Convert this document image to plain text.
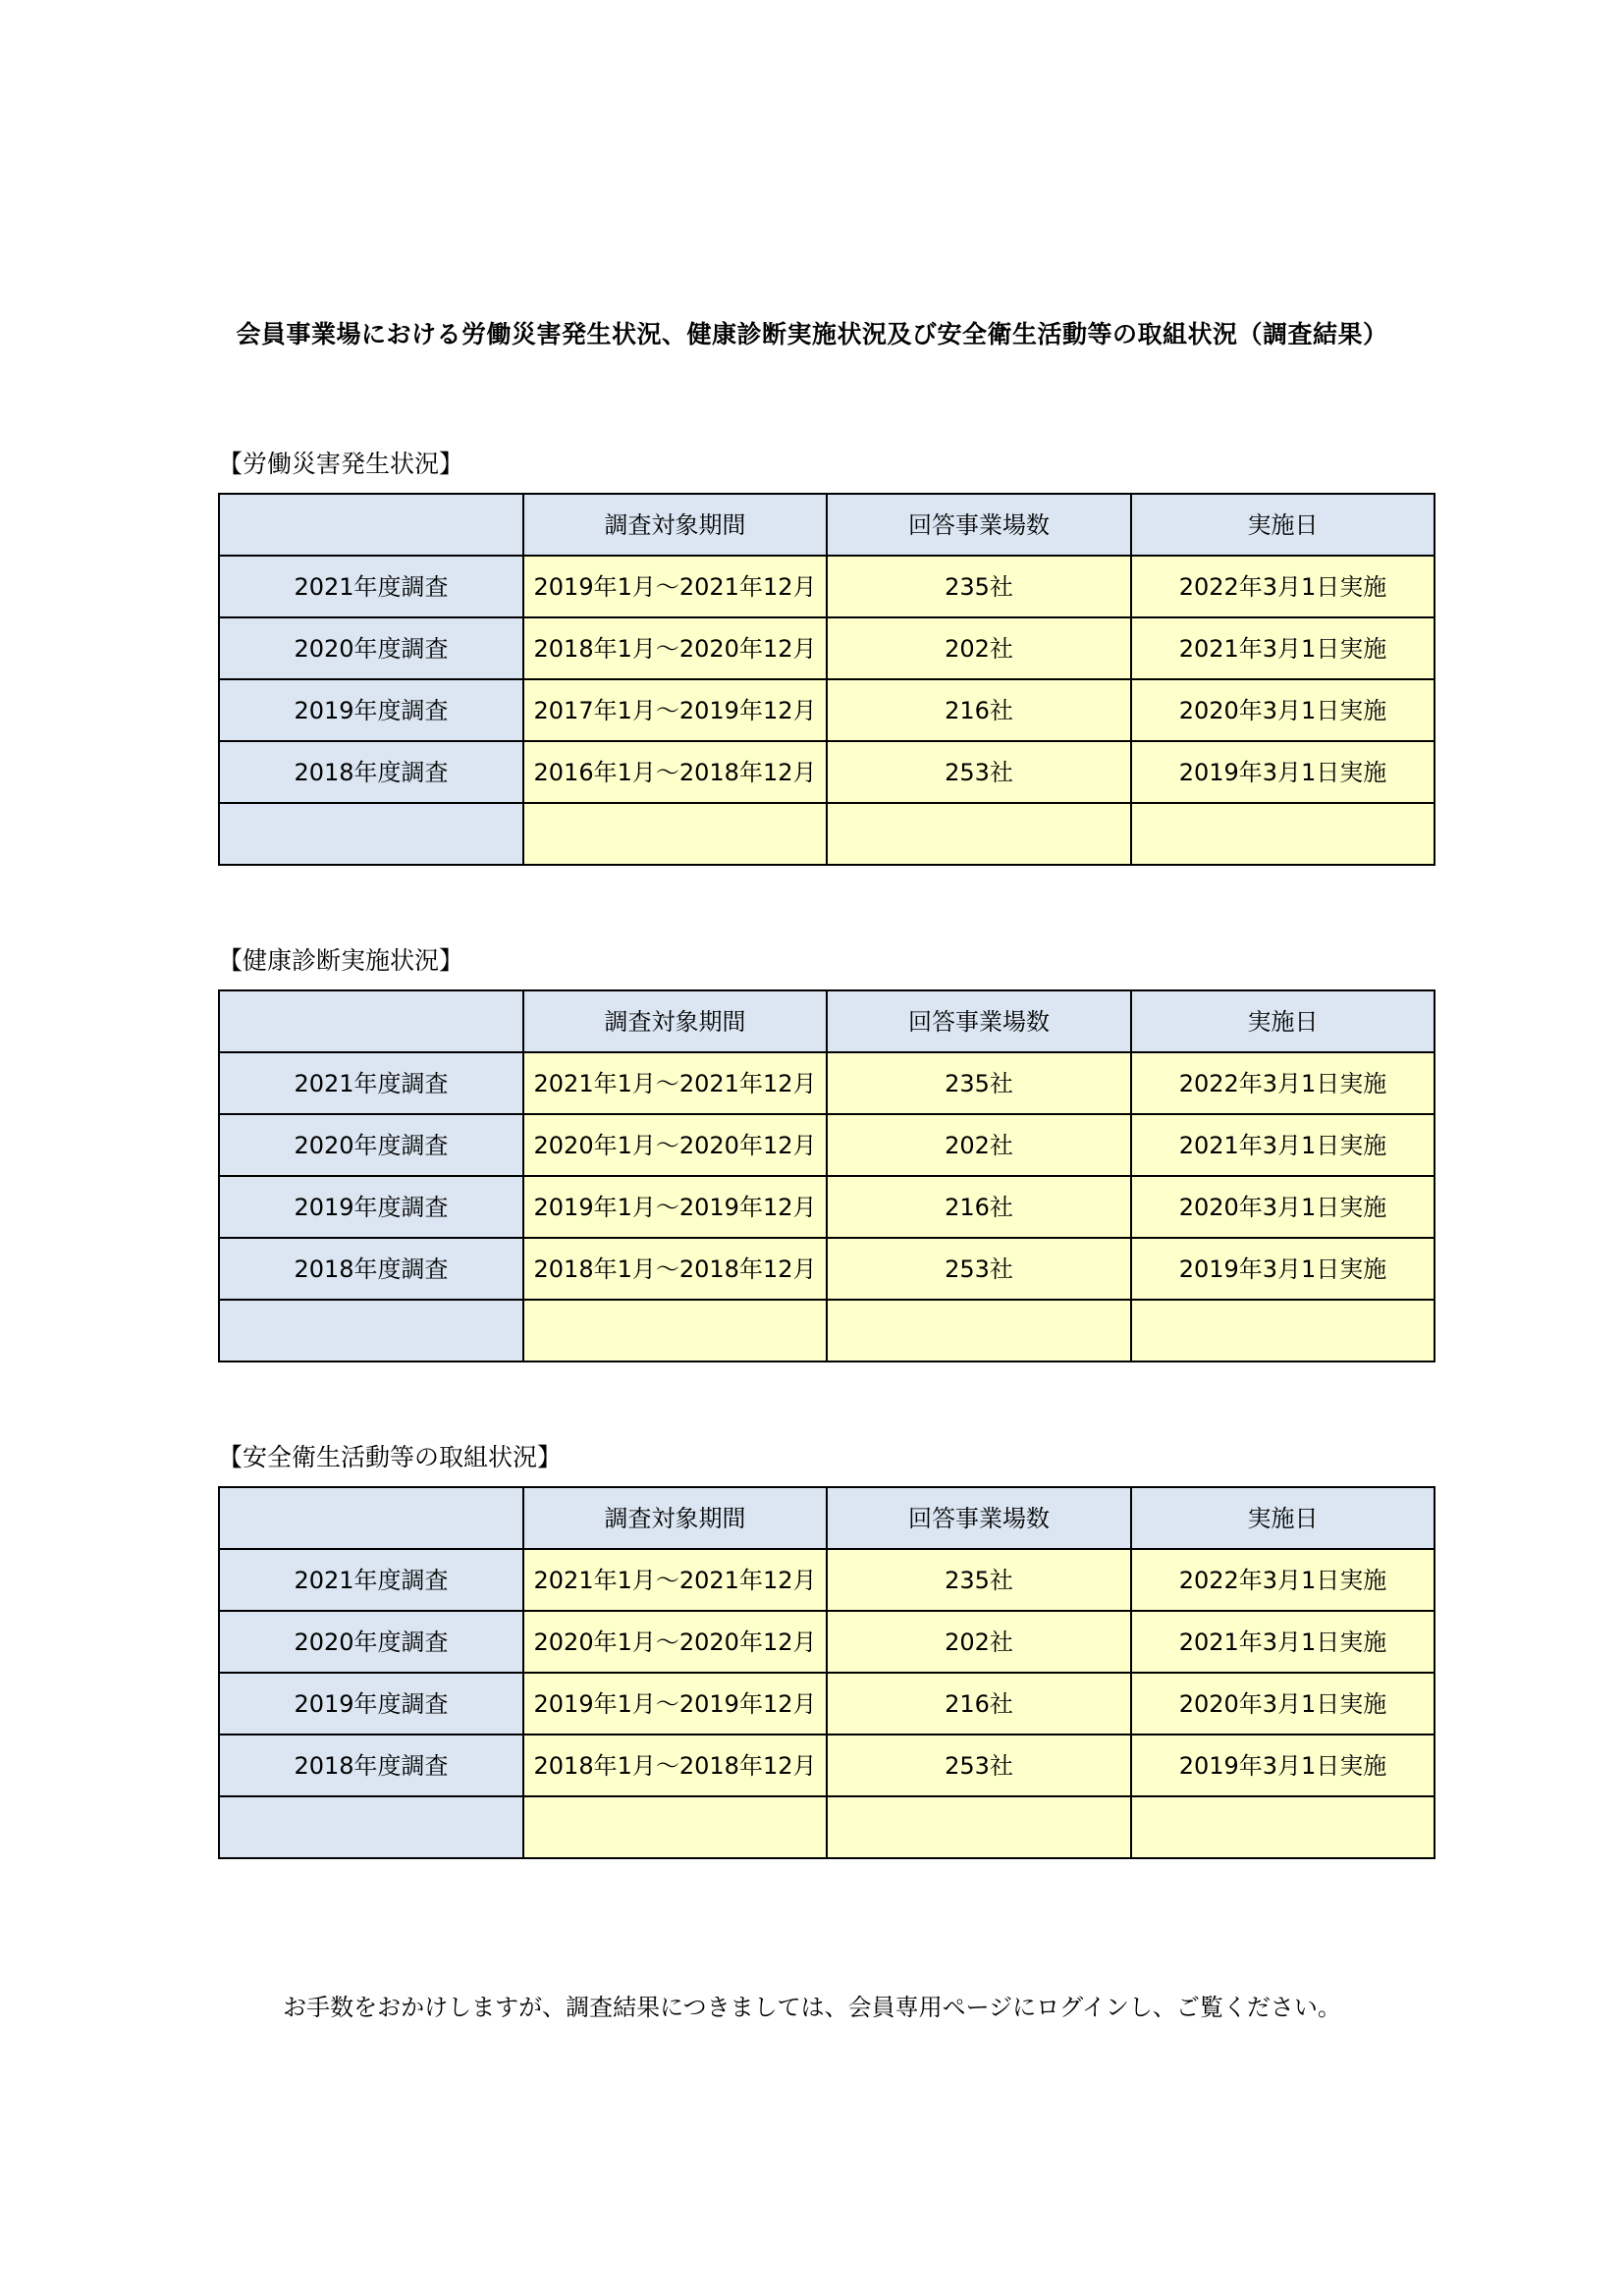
会員事業場における労働災害発生状況、健康診断実施状況及び安全衛生活動等の取組状況（調査結果）
【労働災害発生状況】
	調査対象期間	回答事業場数	実施日
2021年度調査	2019年1月～2021年12月	235社	2022年3月1日実施
2020年度調査	2018年1月～2020年12月	202社	2021年3月1日実施
2019年度調査	2017年1月～2019年12月	216社	2020年3月1日実施
2018年度調査	2016年1月～2018年12月	253社	2019年3月1日実施

【健康診断実施状況】
	調査対象期間	回答事業場数	実施日
2021年度調査	2021年1月～2021年12月	235社	2022年3月1日実施
2020年度調査	2020年1月～2020年12月	202社	2021年3月1日実施
2019年度調査	2019年1月～2019年12月	216社	2020年3月1日実施
2018年度調査	2018年1月～2018年12月	253社	2019年3月1日実施

【安全衛生活動等の取組状況】
	調査対象期間	回答事業場数	実施日
2021年度調査	2021年1月～2021年12月	235社	2022年3月1日実施
2020年度調査	2020年1月～2020年12月	202社	2021年3月1日実施
2019年度調査	2019年1月～2019年12月	216社	2020年3月1日実施
2018年度調査	2018年1月～2018年12月	253社	2019年3月1日実施

お手数をおかけしますが、調査結果につきましては、会員専用ページにログインし、ご覧ください。
